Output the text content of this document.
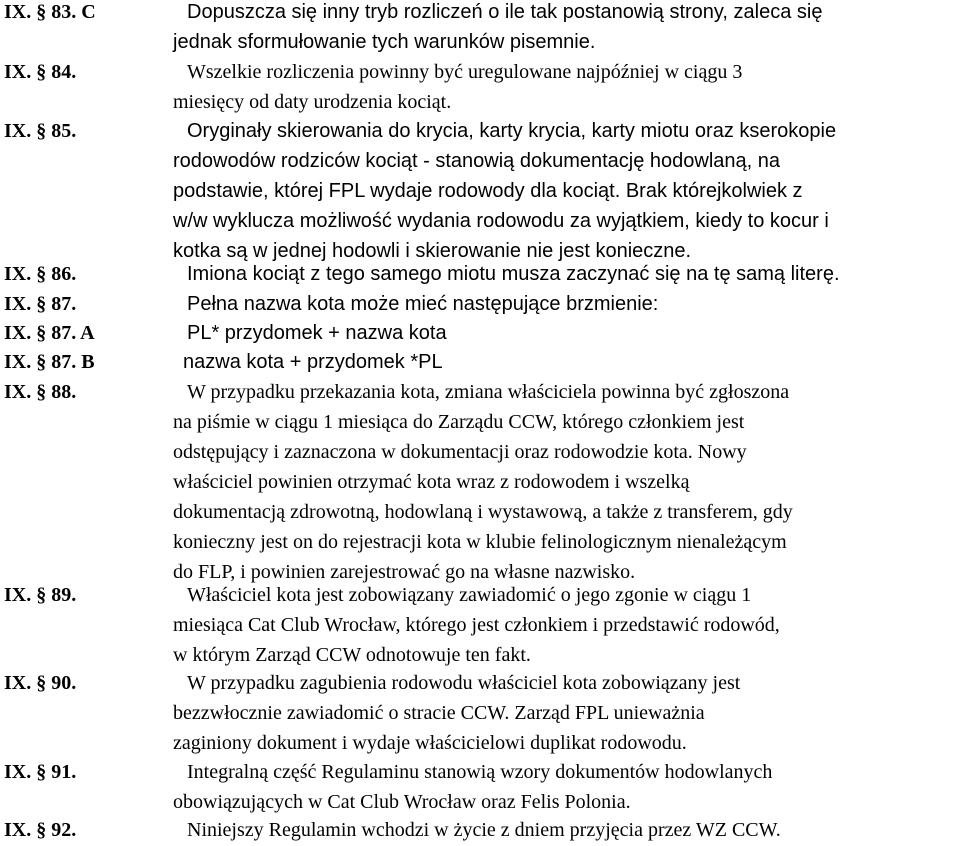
IX. § 83. C	Dopuszcza się inny tryb rozliczeń o ile tak postanowią strony, zaleca się
jednak sformułowanie tych warunków pisemnie.
IX. § 84.	Wszelkie rozliczenia powinny być uregulowane najpóźniej w ciągu 3
miesięcy od daty urodzenia kociąt.
IX. § 85.	Oryginały skierowania do krycia, karty krycia, karty miotu oraz kserokopie
rodowodów rodziców kociąt - stanowią dokumentację hodowlaną, na
podstawie, której FPL wydaje rodowody dla kociąt. Brak którejkolwiek z
w/w wyklucza możliwość wydania rodowodu za wyjątkiem, kiedy to kocur i
kotka są w jednej hodowli i skierowanie nie jest konieczne.
IX. § 86.	Imiona kociąt z tego samego miotu musza zaczynać się na tę samą literę.
IX. § 87.	Pełna nazwa kota może mieć następujące brzmienie:
IX. § 87. A	PL* przydomek + nazwa kota
IX. § 87. B	nazwa kota + przydomek *PL
IX. § 88.	W przypadku przekazania kota, zmiana właściciela powinna być zgłoszona
na piśmie w ciągu 1 miesiąca do Zarządu CCW, którego członkiem jest
odstępujący i zaznaczona w dokumentacji oraz rodowodzie kota. Nowy
właściciel powinien otrzymać kota wraz z rodowodem i wszelką
dokumentacją zdrowotną, hodowlaną i wystawową, a także z transferem, gdy
konieczny jest on do rejestracji kota w klubie felinologicznym nienależącym
do FLP, i powinien zarejestrować go na własne nazwisko.
IX. § 89.	Właściciel kota jest zobowiązany zawiadomić o jego zgonie w ciągu 1
miesiąca Cat Club Wrocław, którego jest członkiem i przedstawić rodowód,
w którym Zarząd CCW odnotowuje ten fakt.
IX. § 90.	W przypadku zagubienia rodowodu właściciel kota zobowiązany jest
bezzwłocznie zawiadomić o stracie CCW. Zarząd FPL unieważnia
zaginiony dokument i wydaje właścicielowi duplikat rodowodu.
IX. § 91.	Integralną część Regulaminu stanowią wzory dokumentów hodowlanych
obowiązujących w Cat Club Wrocław oraz Felis Polonia.
IX. § 92.	Niniejszy Regulamin wchodzi w życie z dniem przyjęcia przez WZ CCW.
